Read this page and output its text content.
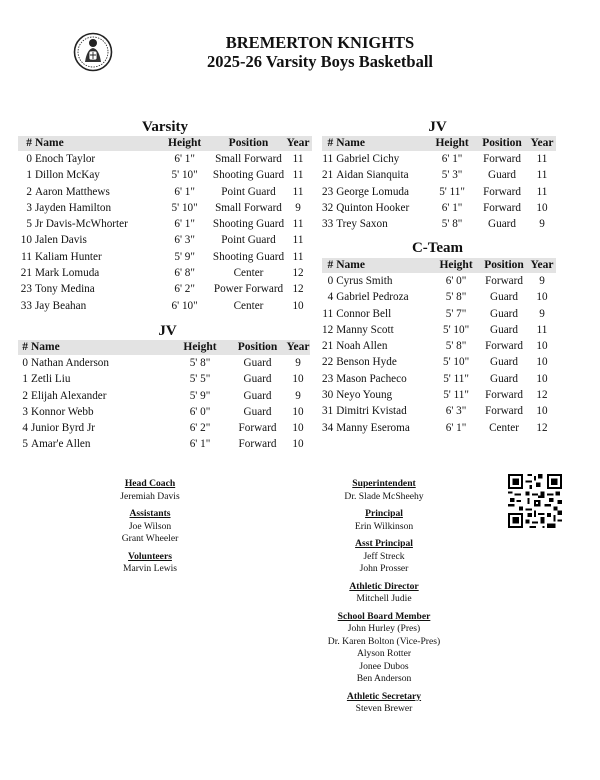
BREMERTON KNIGHTS
2025-26 Varsity Boys Basketball
Varsity
#	Name	Height	Position	Year
0	Enoch Taylor	6' 1"	Small Forward	11
1	Dillon McKay	5' 10"	Shooting Guard	11
2	Aaron Matthews	6' 1"	Point Guard	11
3	Jayden Hamilton	5' 10"	Small Forward	9
5	Jr Davis-McWhorter	6' 1"	Shooting Guard	11
10	Jalen Davis	6' 3"	Point Guard	11
11	Kaliam Hunter	5' 9"	Shooting Guard	11
21	Mark Lomuda	6' 8"	Center	12
23	Tony Medina	6' 2"	Power Forward	12
33	Jay Beahan	6' 10"	Center	10
JV
#	Name	Height	Position	Year
0	Nathan Anderson	5' 8"	Guard	9
1	Zetli Liu	5' 5"	Guard	10
2	Elijah Alexander	5' 9"	Guard	9
3	Konnor Webb	6' 0"	Guard	10
4	Junior Byrd Jr	6' 2"	Forward	10
5	Amar'e Allen	6' 1"	Forward	10
JV
#	Name	Height	Position	Year
11	Gabriel Cichy	6' 1"	Forward	11
21	Aidan Sianquita	5' 3"	Guard	11
23	George Lomuda	5' 11"	Forward	11
32	Quinton Hooker	6' 1"	Forward	10
33	Trey Saxon	5' 8"	Guard	9
C-Team
#	Name	Height	Position	Year
0	Cyrus Smith	6' 0"	Forward	9
4	Gabriel Pedroza	5' 8"	Guard	10
11	Connor Bell	5' 7"	Guard	9
12	Manny Scott	5' 10"	Guard	11
21	Noah Allen	5' 8"	Forward	10
22	Benson Hyde	5' 10"	Guard	10
23	Mason Pacheco	5' 11"	Guard	10
30	Neyo Young	5' 11"	Forward	12
31	Dimitri Kvistad	6' 3"	Forward	10
34	Manny Eseroma	6' 1"	Center	12
Head Coach
Jeremiah Davis
Assistants
Joe Wilson
Grant Wheeler
Volunteers
Marvin Lewis
Superintendent
Dr. Slade McSheehy
Principal
Erin Wilkinson
Asst Principal
Jeff Streck
John Prosser
Athletic Director
Mitchell Judie
School Board Member
John Hurley (Pres)
Dr. Karen Bolton (Vice-Pres)
Alyson Rotter
Jonee Dubos
Ben Anderson
Athletic Secretary
Steven Brewer
